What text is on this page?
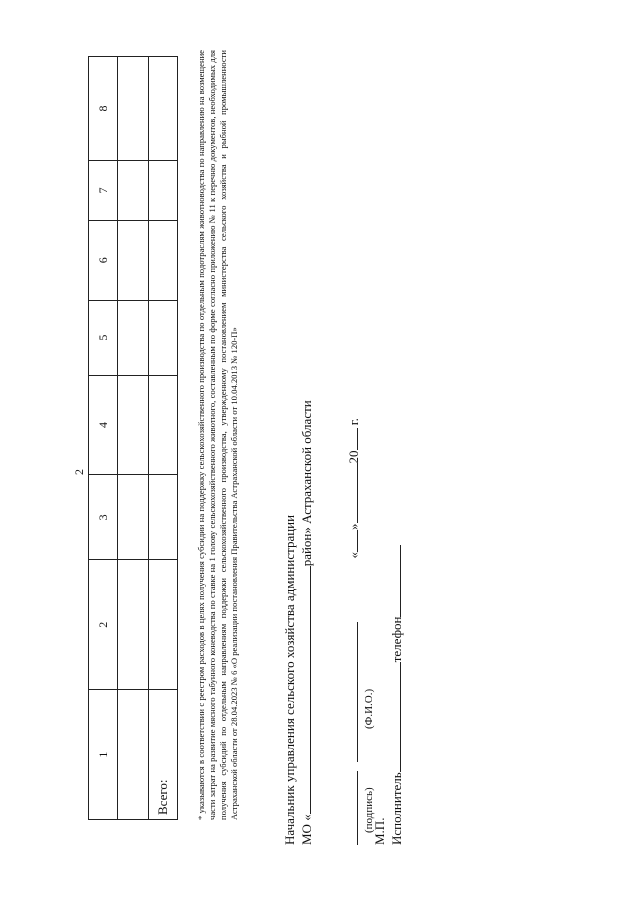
2
1	2	3	4	5	6	7	8

Всего:								* указываются в соответствии с реестром расходов в целях получения субсидии на поддержку сельскохозяйственного производства по отдельным подотраслям животноводства по направлению на возмещение части затрат на развитие мясного табунного коневодства по ставке на 1 голову сельскохозяйственного животного, составленным по форме согласно приложению № 11 к перечню документов, необходимых для получения субсидий по отдельным направлениям поддержки сельскохозяйственного производства, утвержденному постановлением министерства сельского хозяйства и рыбной промышленности Астраханской области от 28.04.2023 № 6 «О реализации постановления Правительства Астраханской области от 10.04.2013 № 120-П»	Начальник управления сельского хозяйства администрации МО «район» Астраханской области «»20 г.
(подпись)
(Ф.И.О.)
М.П. Исполнительтелефон
